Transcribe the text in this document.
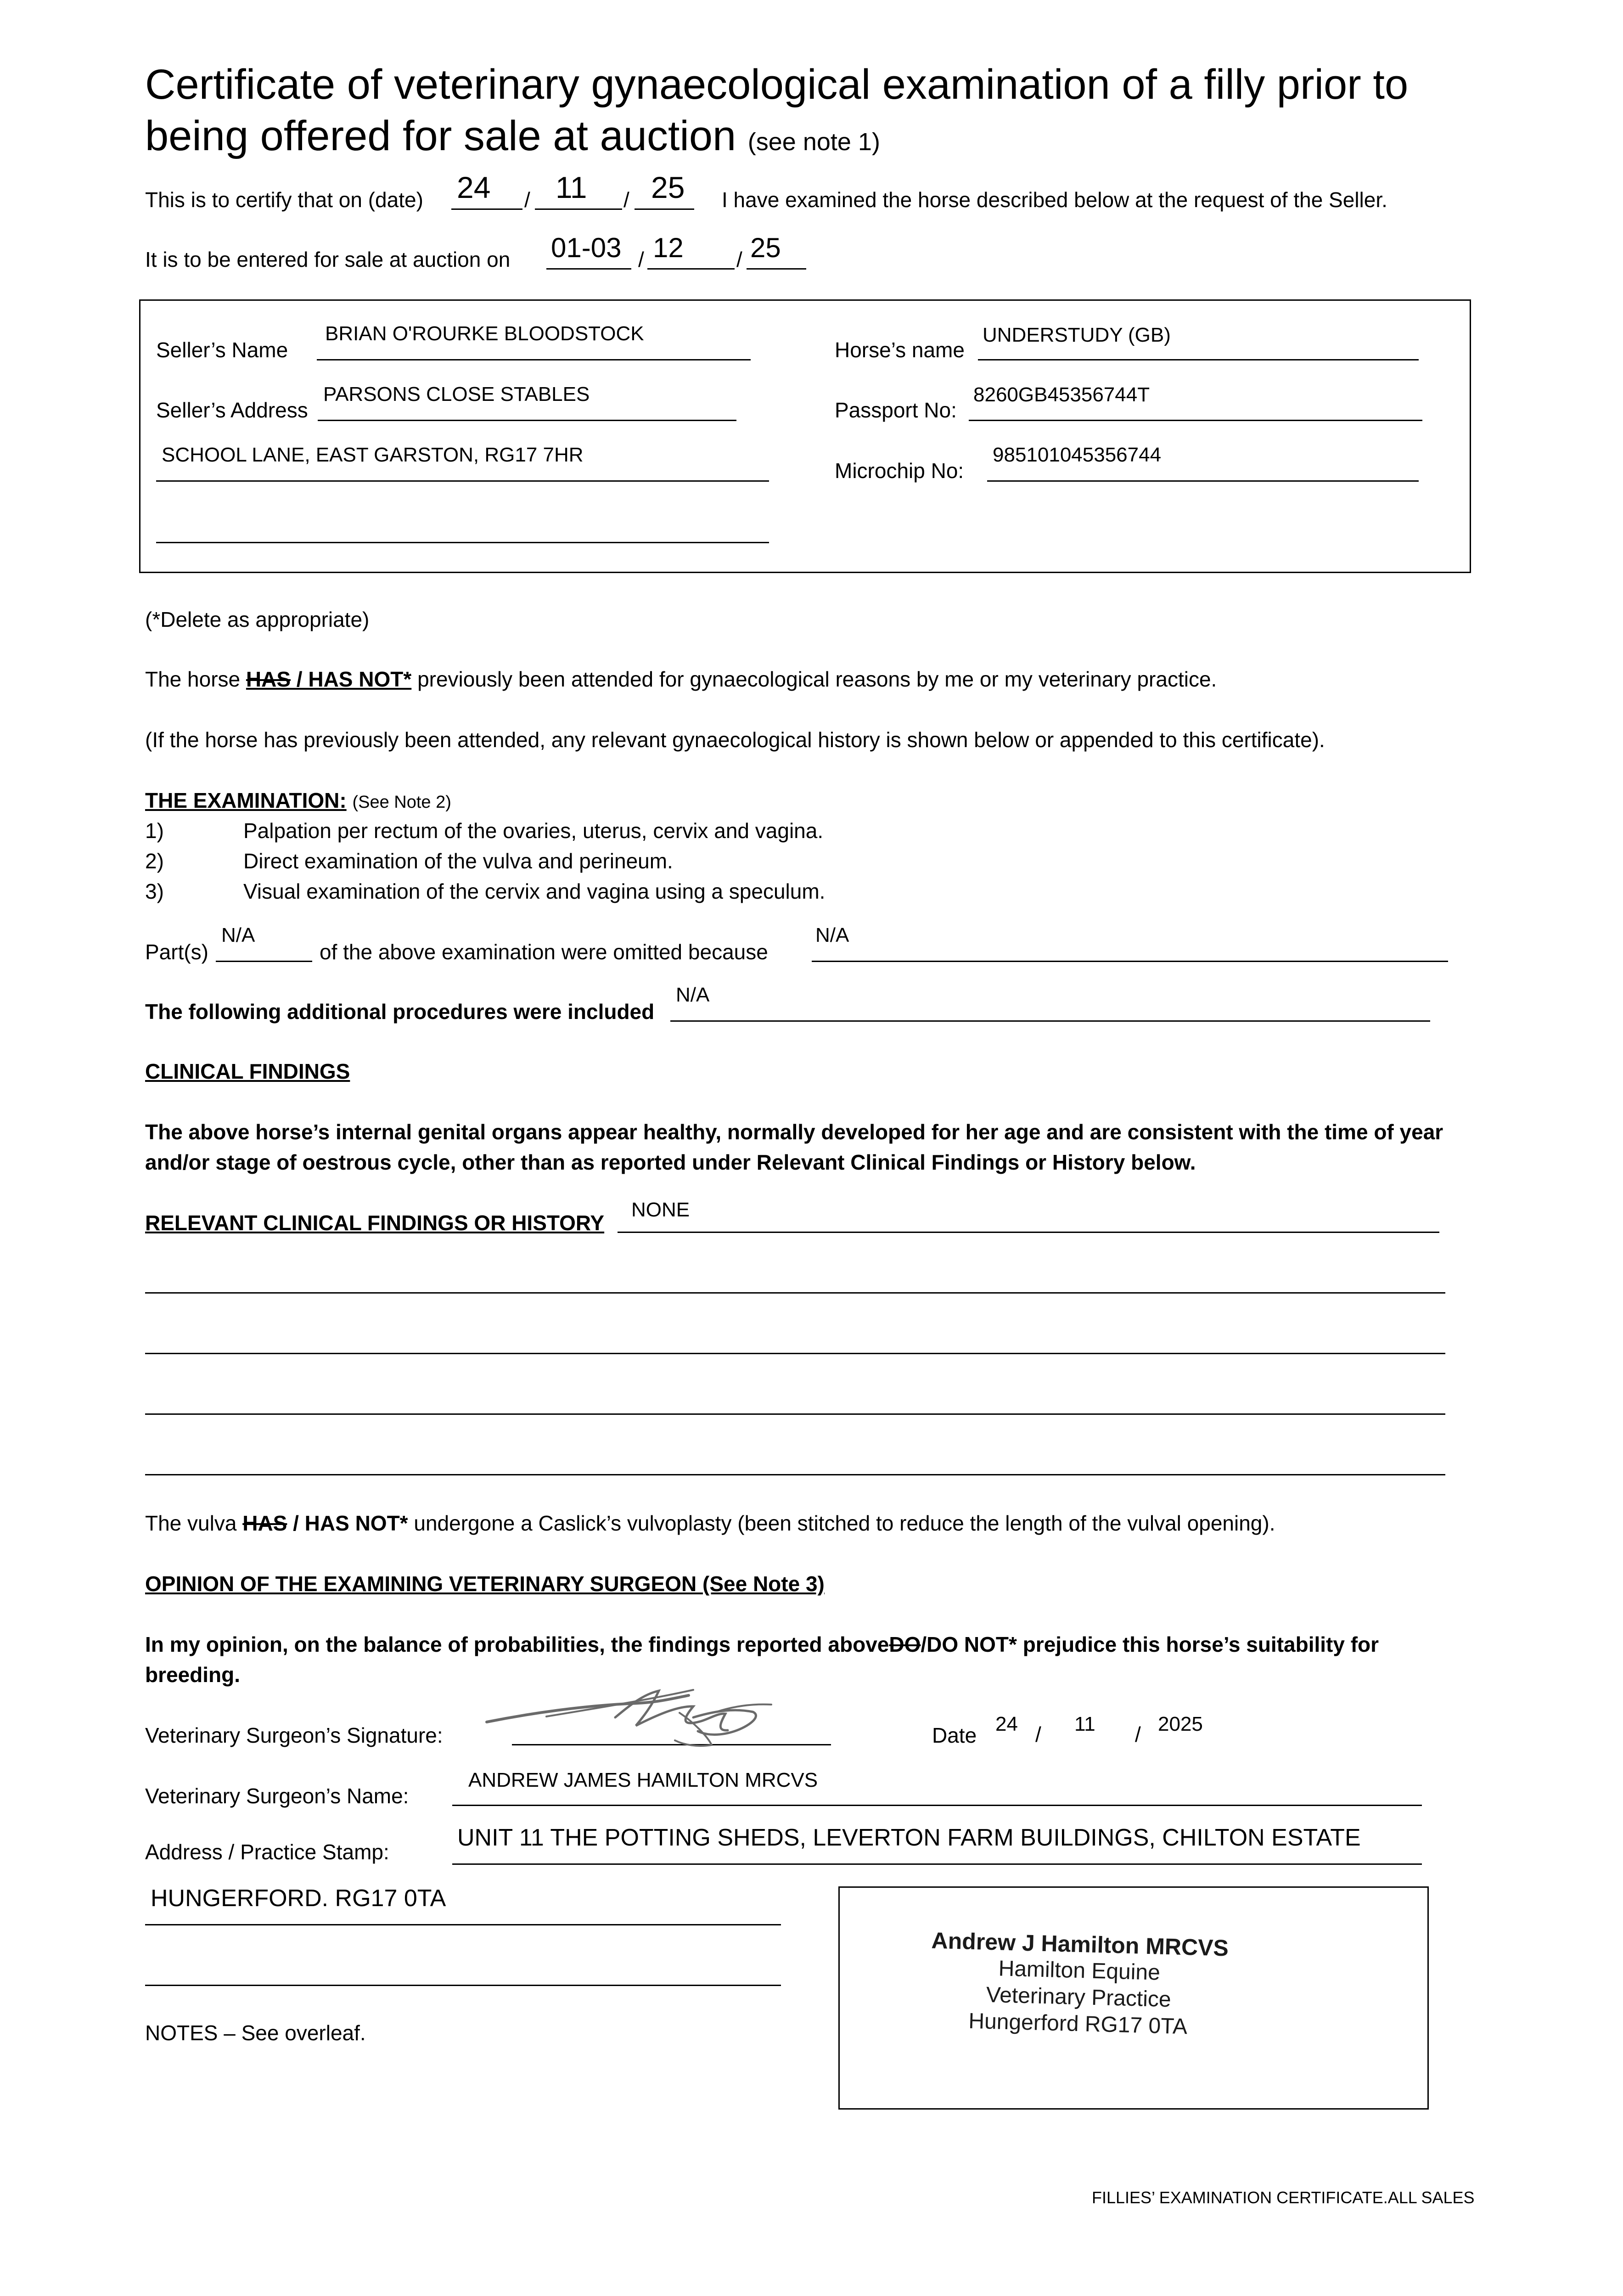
Certificate of veterinary gynaecological examination of a filly prior to
being offered for sale at auction (see note 1)
This is to certify that on (date) 24 / 11 / 25 I have examined the horse described below at the request of the Seller.
It is to be entered for sale at auction on 01-03 / 12	/ 25
Seller’s Name
BRIAN O'ROURKE BLOODSTOCK
Seller’s Address
PARSONS CLOSE STABLES
SCHOOL LANE, EAST GARSTON, RG17 7HR
Horse’s name
UNDERSTUDY (GB)
Passport No:
8260GB45356744T
Microchip No:
985101045356744
(*Delete as appropriate)
The horse HAS / HAS NOT* previously been attended for gynaecological reasons by me or my veterinary practice.
(If the horse has previously been attended, any relevant gynaecological history is shown below or appended to this certificate).
THE EXAMINATION: (See Note 2)
1)	Palpation per rectum of the ovaries, uterus, cervix and vagina.
2)	Direct examination of the vulva and perineum.
3)	Visual examination of the cervix and vagina using a speculum.
Part(s)
N/A
of the above examination were omitted because
N/A
The following additional procedures were included
N/A
CLINICAL FINDINGS
The above horse’s internal genital organs appear healthy, normally developed for her age and are consistent with the time of year
and/or stage of oestrous cycle, other than as reported under Relevant Clinical Findings or History below.
RELEVANT CLINICAL FINDINGS OR HISTORY
NONE
The vulva HAS / HAS NOT* undergone a Caslick’s vulvoplasty (been stitched to reduce the length of the vulval opening).
OPINION OF THE EXAMINING VETERINARY SURGEON (See Note 3)
In my opinion, on the balance of probabilities, the findings reported aboveDO/DO NOT* prejudice this horse’s suitability for
breeding.
Veterinary Surgeon’s Signature:	Date 24 / 11 / 2025
Veterinary Surgeon’s Name:
ANDREW JAMES HAMILTON MRCVS
Address / Practice Stamp:
UNIT 11 THE POTTING SHEDS, LEVERTON FARM BUILDINGS, CHILTON ESTATE
HUNGERFORD. RG17 0TA
Andrew J Hamilton MRCVS
Hamilton Equine
Veterinary Practice
Hungerford RG17 0TA
NOTES – See overleaf.
FILLIES’ EXAMINATION CERTIFICATE.ALL SALES
